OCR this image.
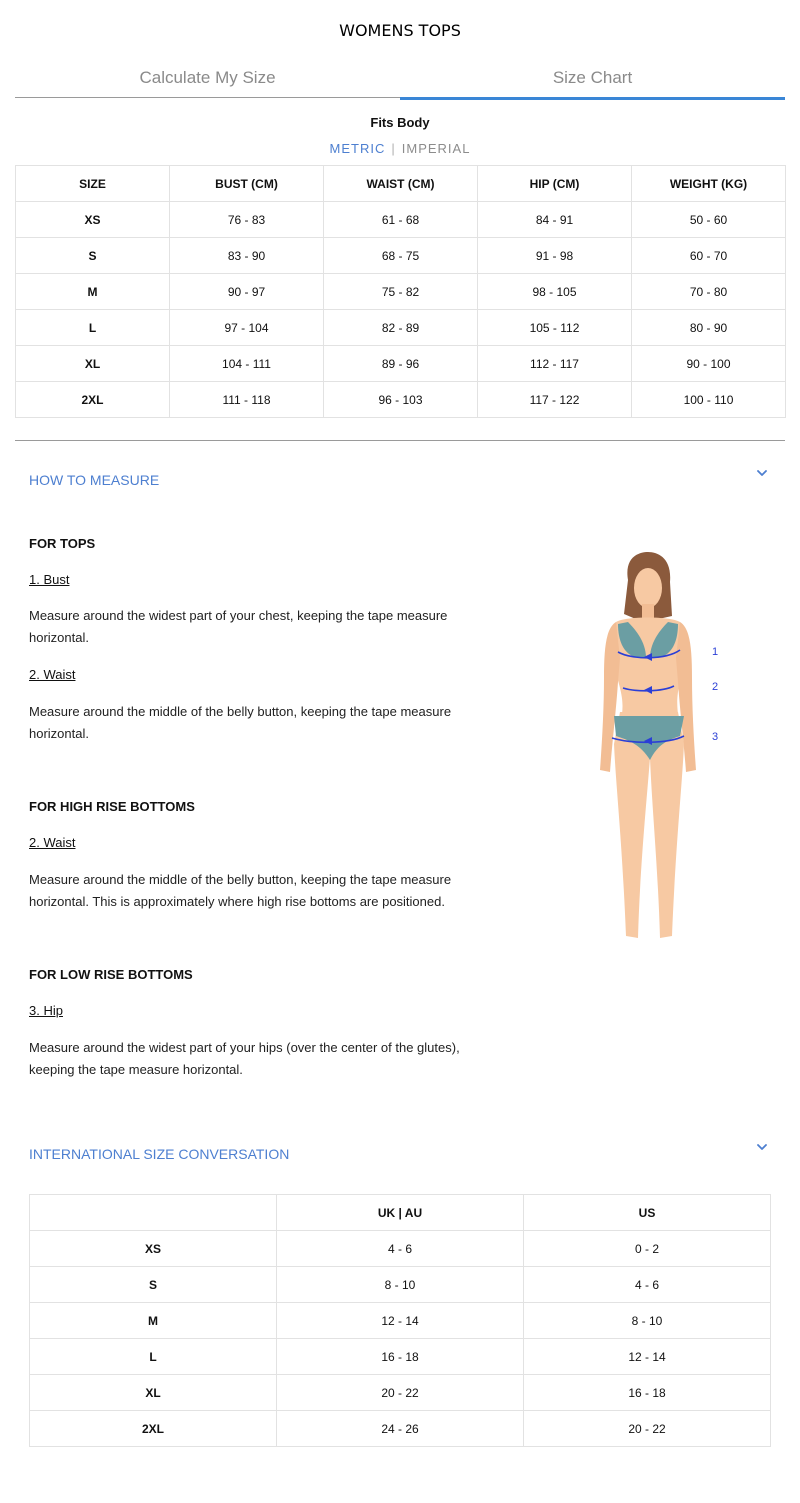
WOMENS TOPS
Calculate My Size	Size Chart
Fits Body
METRIC | IMPERIAL
SIZE	BUST (CM)	WAIST (CM)	HIP (CM)	WEIGHT (KG)
XS	76 - 83	61 - 68	84 - 91	50 - 60
S	83 - 90	68 - 75	91 - 98	60 - 70
M	90 - 97	75 - 82	98 - 105	70 - 80
L	97 - 104	82 - 89	105 - 112	80 - 90
XL	104 - 111	89 - 96	112 - 117	90 - 100
2XL	111 - 118	96 - 103	117 - 122	100 - 110
HOW TO MEASURE
FOR TOPS
1. Bust
Measure around the widest part of your chest, keeping the tape measure horizontal.
2. Waist
Measure around the middle of the belly button, keeping the tape measure horizontal.
FOR HIGH RISE BOTTOMS
2. Waist
Measure around the middle of the belly button, keeping the tape measure horizontal. This is approximately where high rise bottoms are positioned.
FOR LOW RISE BOTTOMS
3. Hip
Measure around the widest part of your hips (over the center of the glutes), keeping the tape measure horizontal.
1
2
3
INTERNATIONAL SIZE CONVERSATION
	UK | AU	US
XS	4 - 6	0 - 2
S	8 - 10	4 - 6
M	12 - 14	8 - 10
L	16 - 18	12 - 14
XL	20 - 22	16 - 18
2XL	24 - 26	20 - 22
